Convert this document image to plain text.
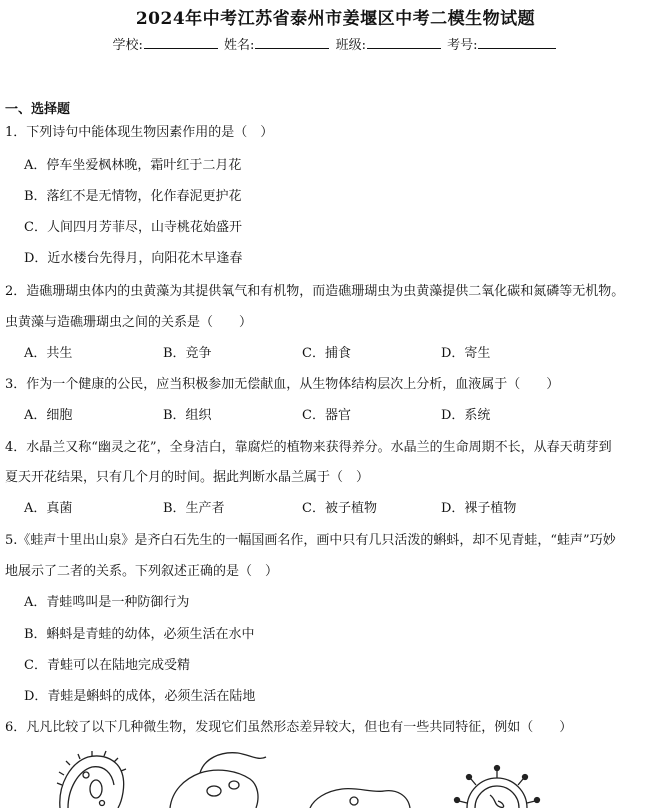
2024年中考江苏省泰州市姜堰区中考二模生物试题
学校:	姓名:	班级:	考号:
一、选择题
1．下列诗句中能体现生物因素作用的是（　）
A．停车坐爱枫林晚，霜叶红于二月花
B．落红不是无情物，化作春泥更护花
C．人间四月芳菲尽，山寺桃花始盛开
D．近水楼台先得月，向阳花木早逢春
2．造礁珊瑚虫体内的虫黄藻为其提供氧气和有机物，而造礁珊瑚虫为虫黄藻提供二氧化碳和氮磷等无机物。
虫黄藻与造礁珊瑚虫之间的关系是（　　）
A．共生	B．竞争	C．捕食	D．寄生
3．作为一个健康的公民，应当积极参加无偿献血，从生物体结构层次上分析，血液属于（　　）
A．细胞	B．组织	C．器官	D．系统
4．水晶兰又称“幽灵之花”，全身洁白，靠腐烂的植物来获得养分。水晶兰的生命周期不长，从春天萌芽到
夏天开花结果，只有几个月的时间。据此判断水晶兰属于（　）
A．真菌	B．生产者	C．被子植物	D．裸子植物
5.《蛙声十里出山泉》是齐白石先生的一幅国画名作，画中只有几只活泼的蝌蚪，却不见青蛙，“蛙声”巧妙
地展示了二者的关系。下列叙述正确的是（　）
A．青蛙鸣叫是一种防御行为
B．蝌蚪是青蛙的幼体，必须生活在水中
C．青蛙可以在陆地完成受精
D．青蛙是蝌蚪的成体，必须生活在陆地
6．凡凡比较了以下几种微生物，发现它们虽然形态差异较大，但也有一些共同特征，例如（　　）
